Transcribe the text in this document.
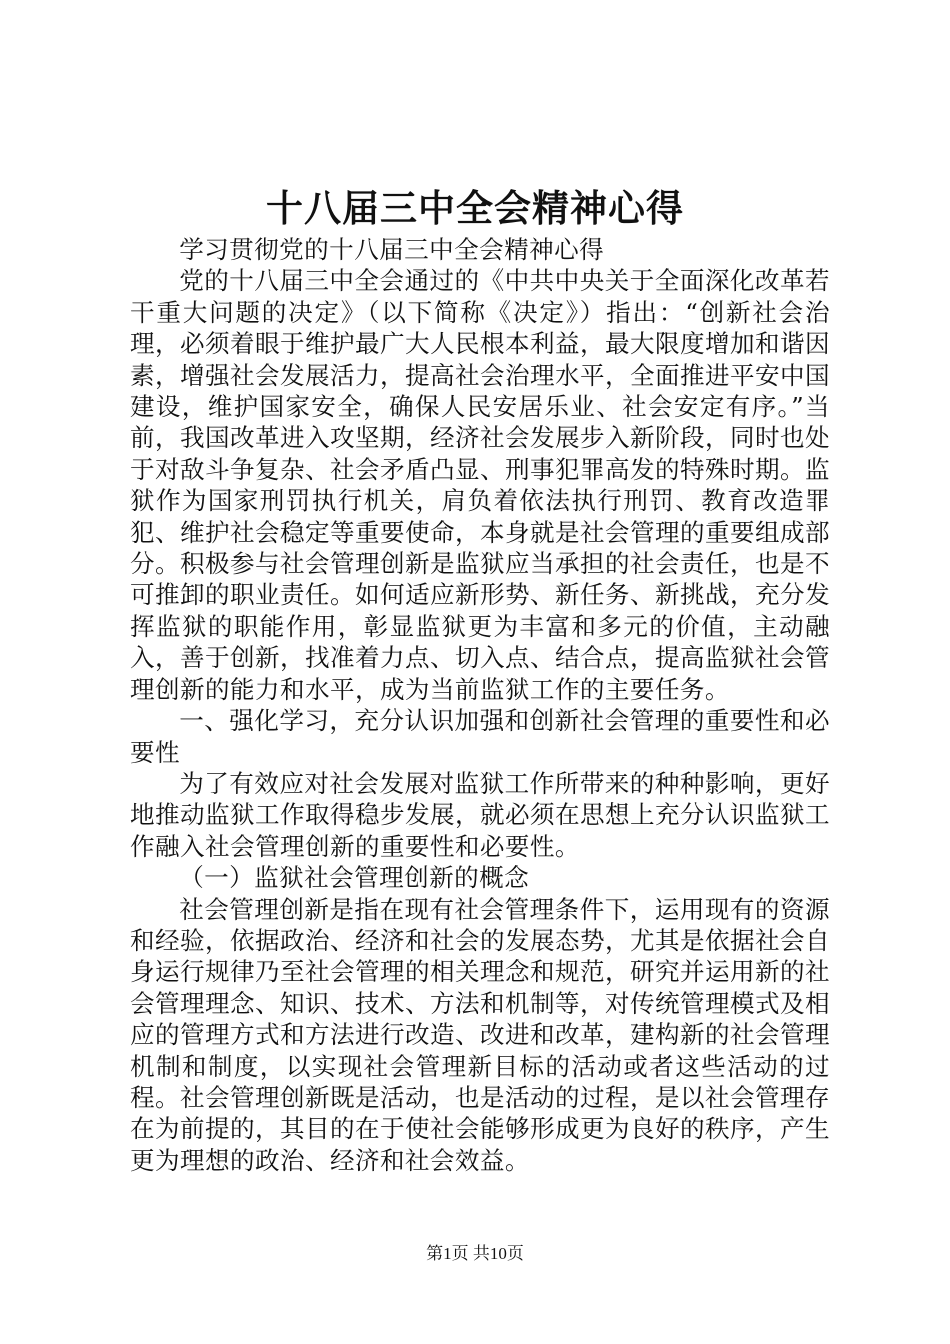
十八届三中全会精神心得

学习贯彻党的十八届三中全会精神心得

党的十八届三中全会通过的《中共中央关于全面深化改革若干重大问题的决定》（以下简称《决定》）指出：“创新社会治理，必须着眼于维护最广大人民根本利益，最大限度增加和谐因素，增强社会发展活力，提高社会治理水平，全面推进平安中国建设，维护国家安全，确保人民安居乐业、社会安定有序。”当前，我国改革进入攻坚期，经济社会发展步入新阶段，同时也处于对敌斗争复杂、社会矛盾凸显、刑事犯罪高发的特殊时期。监狱作为国家刑罚执行机关，肩负着依法执行刑罚、教育改造罪犯、维护社会稳定等重要使命，本身就是社会管理的重要组成部分。积极参与社会管理创新是监狱应当承担的社会责任，也是不可推卸的职业责任。如何适应新形势、新任务、新挑战，充分发挥监狱的职能作用，彰显监狱更为丰富和多元的价值，主动融入，善于创新，找准着力点、切入点、结合点，提高监狱社会管理创新的能力和水平，成为当前监狱工作的主要任务。

一、强化学习，充分认识加强和创新社会管理的重要性和必要性

为了有效应对社会发展对监狱工作所带来的种种影响，更好地推动监狱工作取得稳步发展，就必须在思想上充分认识监狱工作融入社会管理创新的重要性和必要性。

（一）监狱社会管理创新的概念

社会管理创新是指在现有社会管理条件下，运用现有的资源和经验，依据政治、经济和社会的发展态势，尤其是依据社会自身运行规律乃至社会管理的相关理念和规范，研究并运用新的社会管理理念、知识、技术、方法和机制等，对传统管理模式及相应的管理方式和方法进行改造、改进和改革，建构新的社会管理机制和制度，以实现社会管理新目标的活动或者这些活动的过程。社会管理创新既是活动，也是活动的过程，是以社会管理存在为前提的，其目的在于使社会能够形成更为良好的秩序，产生更为理想的政治、经济和社会效益。

第1页 共10页
